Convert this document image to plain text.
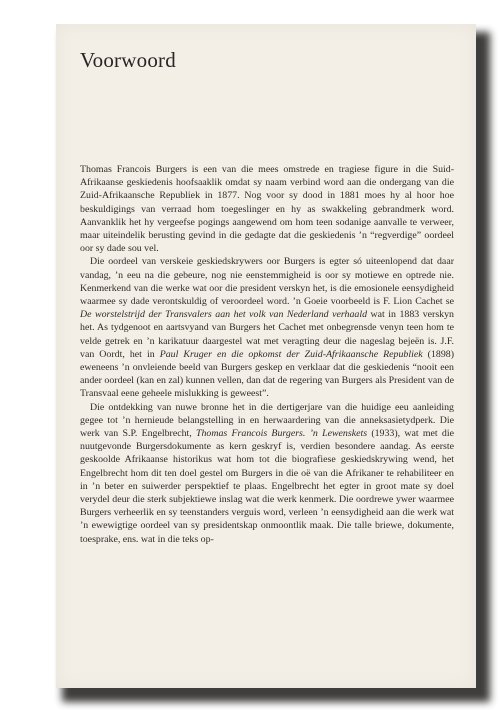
Voorwoord

Thomas Francois Burgers is een van die mees omstrede en tragiese figure in die Suid-Afrikaanse geskiedenis hoofsaaklik omdat sy naam verbind word aan die ondergang van die Zuid-Afrikaansche Republiek in 1877. Nog voor sy dood in 1881 moes hy al hoor hoe beskuldigings van verraad hom toegeslinger en hy as swakkeling gebrandmerk word. Aanvanklik het hy vergeefse pogings aangewend om hom teen sodanige aanvalle te verweer, maar uiteindelik berusting gevind in die gedagte dat die geskiedenis ’n “regverdige” oordeel oor sy dade sou vel.

Die oordeel van verskeie geskiedskrywers oor Burgers is egter só uiteenlopend dat daar vandag, ’n eeu na die gebeure, nog nie eenstemmigheid is oor sy motiewe en optrede nie. Kenmerkend van die werke wat oor die president verskyn het, is die emosionele eensydigheid waarmee sy dade verontskuldig of veroordeel word. ’n Goeie voorbeeld is F. Lion Cachet se De worstelstrijd der Transvalers aan het volk van Nederland verhaald wat in 1883 verskyn het. As tydgenoot en aartsvyand van Burgers het Cachet met onbegrensde venyn teen hom te velde getrek en ’n karikatuur daargestel wat met veragting deur die nageslag bejeën is. J.F. van Oordt, het in Paul Kruger en die opkomst der Zuid-Afrikaansche Republiek (1898) eweneens ’n onvleiende beeld van Burgers geskep en verklaar dat die geskiedenis “nooit een ander oordeel (kan en zal) kunnen vellen, dan dat de regering van Burgers als President van de Transvaal eene geheele mislukking is geweest”.

Die ontdekking van nuwe bronne het in die dertigerjare van die huidige eeu aanleiding gegee tot ’n hernieude belangstelling in en herwaardering van die anneksasietydperk. Die werk van S.P. Engelbrecht, Thomas Francois Burgers. ’n Lewenskets (1933), wat met die nuutgevonde Burgersdokumente as kern geskryf is, verdien besondere aandag. As eerste geskoolde Afrikaanse historikus wat hom tot die biografiese geskiedskrywing wend, het Engelbrecht hom dit ten doel gestel om Burgers in die oë van die Afrikaner te rehabiliteer en in ’n beter en suiwerder perspektief te plaas. Engelbrecht het egter in groot mate sy doel verydel deur die sterk subjektiewe inslag wat die werk kenmerk. Die oordrewe ywer waarmee Burgers verheerlik en sy teenstanders verguis word, verleen ’n eensydigheid aan die werk wat ’n ewewigtige oordeel van sy presidentskap onmoontlik maak. Die talle briewe, dokumente, toesprake, ens. wat in die teks op-
